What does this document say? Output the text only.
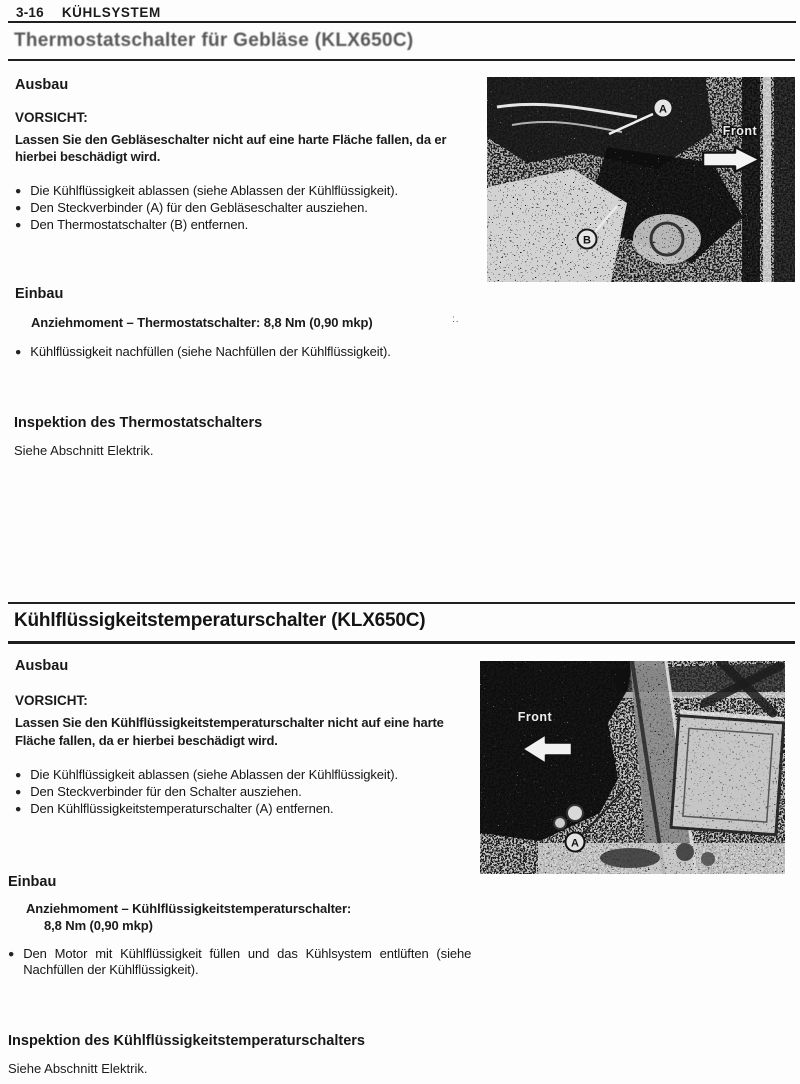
3-16 KÜHLSYSTEM
Thermostatschalter für Gebläse (KLX650C)
Ausbau
VORSICHT:
Lassen Sie den Gebläseschalter nicht auf eine harte Fläche fallen, da er hierbei beschädigt wird.
● Die Kühlflüssigkeit ablassen (siehe Ablassen der Kühlflüssigkeit).
● Den Steckverbinder (A) für den Gebläseschalter ausziehen.
● Den Thermostatschalter (B) entfernen.
Einbau
Anziehmoment – Thermostatschalter: 8,8 Nm (0,90 mkp)	:.
● Kühlflüssigkeit nachfüllen (siehe Nachfüllen der Kühlflüssigkeit).
Inspektion des Thermostatschalters
Siehe Abschnitt Elektrik.
A
B
Front
Kühlflüssigkeitstemperaturschalter (KLX650C)
Ausbau
VORSICHT:
Lassen Sie den Kühlflüssigkeitstemperaturschalter nicht auf eine harte Fläche fallen, da er hierbei beschädigt wird.
● Die Kühlflüssigkeit ablassen (siehe Ablassen der Kühlflüssigkeit).
● Den Steckverbinder für den Schalter ausziehen.
● Den Kühlflüssigkeitstemperaturschalter (A) entfernen.
Einbau
Anziehmoment – Kühlflüssigkeitstemperaturschalter:
8,8 Nm (0,90 mkp)
● Den Motor mit Kühlflüssigkeit füllen und das Kühlsystem entlüften (siehe Nachfüllen der Kühlflüssigkeit).
Inspektion des Kühlflüssigkeitstemperaturschalters
Siehe Abschnitt Elektrik.
Front
A
(
